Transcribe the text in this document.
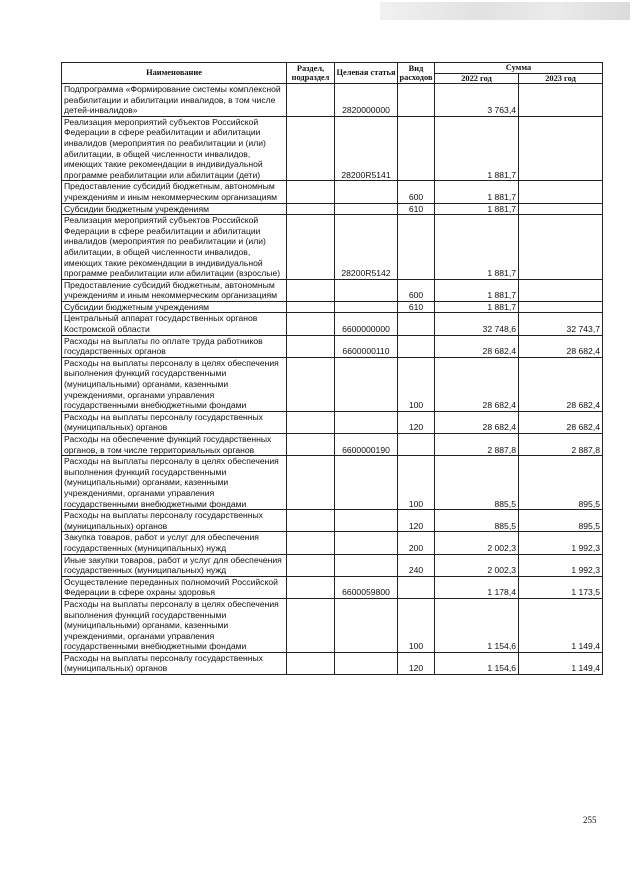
Наименование	Раздел, подраздел	Целевая статья	Вид расходов	Сумма	
				2022 год	2023 год
Подпрограмма «Формирование системы комплексной реабилитации и абилитации инвалидов, в том числе детей-инвалидов»		2820000000		3 763,4	
Реализация мероприятий субъектов Российской Федерации в сфере реабилитации и абилитации инвалидов (мероприятия по реабилитации и (или) абилитации, в общей численности инвалидов, имеющих такие рекомендации в индивидуальной программе реабилитации или абилитации (дети)		28200R5141		1 881,7	
Предоставление субсидий бюджетным, автономным учреждениям и иным некоммерческим организациям			600	1 881,7	
Субсидии бюджетным учреждениям			610	1 881,7	
Реализация мероприятий субъектов Российской Федерации в сфере реабилитации и абилитации инвалидов (мероприятия по реабилитации и (или) абилитации, в общей численности инвалидов, имеющих такие рекомендации в индивидуальной программе реабилитации или абилитации (взрослые)		28200R5142		1 881,7	
Предоставление субсидий бюджетным, автономным учреждениям и иным некоммерческим организациям			600	1 881,7	
Субсидии бюджетным учреждениям			610	1 881,7	
Центральный аппарат государственных органов Костромской области		6600000000		32 748,6	32 743,7
Расходы на выплаты по оплате труда работников государственных органов		6600000110		28 682,4	28 682,4
Расходы на выплаты персоналу в целях обеспечения выполнения функций государственными (муниципальными) органами, казенными учреждениями, органами управления государственными внебюджетными фондами			100	28 682,4	28 682,4
Расходы на выплаты персоналу государственных (муниципальных) органов			120	28 682,4	28 682,4
Расходы на обеспечение функций государственных органов, в том числе территориальных органов		6600000190		2 887,8	2 887,8
Расходы на выплаты персоналу в целях обеспечения выполнения функций государственными (муниципальными) органами, казенными учреждениями, органами управления государственными внебюджетными фондами			100	885,5	895,5
Расходы на выплаты персоналу государственных (муниципальных) органов			120	885,5	895,5
Закупка товаров, работ и услуг для обеспечения государственных (муниципальных) нужд			200	2 002,3	1 992,3
Иные закупки товаров, работ и услуг для обеспечения государственных (муниципальных) нужд			240	2 002,3	1 992,3
Осуществление переданных полномочий Российской Федерации в сфере охраны здоровья		6600059800		1 178,4	1 173,5
Расходы на выплаты персоналу в целях обеспечения выполнения функций государственными (муниципальными) органами, казенными учреждениями, органами управления государственными внебюджетными фондами			100	1 154,6	1 149,4
Расходы на выплаты персоналу государственных (муниципальных) органов			120	1 154,6	1 149,4
255
